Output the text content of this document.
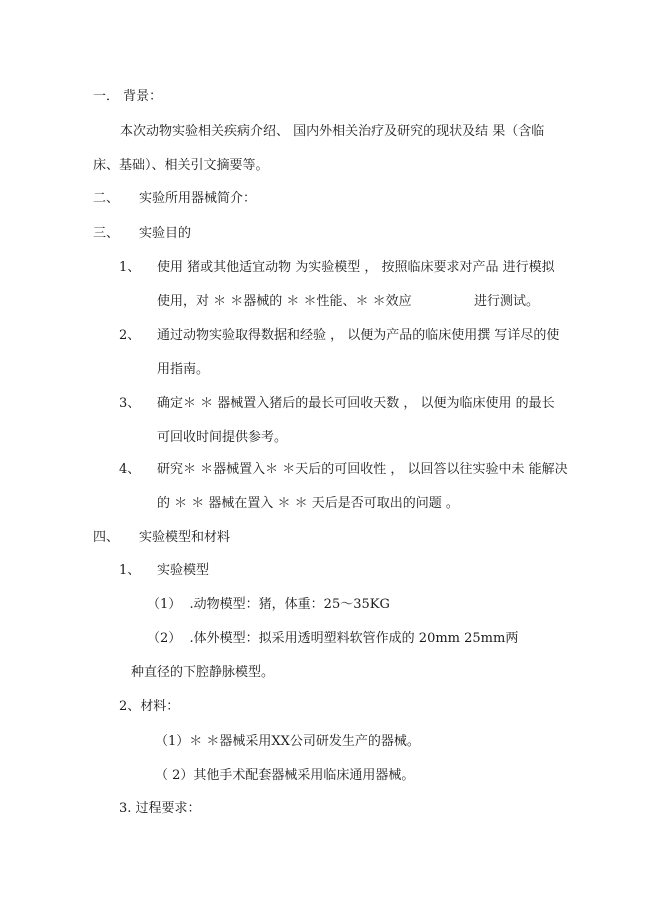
一． 背景：
本次动物实验相关疾病介绍、 国内外相关治疗及研究的现状及结 果（含临
床、基础）、相关引文摘要等。
二、 实验所用器械简介：
三、 实验目的
1、 使用 猪或其他适宜动物 为实验模型 ， 按照临床要求对产品 进行模拟
使用，对 ＊ ＊器械的 ＊ ＊性能、＊ ＊效应	进行测试。
2、 通过动物实验取得数据和经验 ， 以便为产品的临床使用撰 写详尽的使
用指南。
3、 确定＊ ＊ 器械置入猪后的最长可回收天数 ， 以便为临床使用 的最长
可回收时间提供参考。
4、 研究＊ ＊器械置入＊ ＊天后的可回收性 ， 以回答以往实验中未 能解决
的 ＊ ＊ 器械在置入 ＊ ＊ 天后是否可取出的问题 。
四、 实验模型和材料
1、 实验模型
（1）  .动物模型：猪，体重：25～35KG
（2）  .体外模型：拟采用透明塑料软管作成的 20mm 25mm两
种直径的下腔静脉模型。
2、材料：
（1）＊ ＊器械采用XX公司研发生产的器械。
（ 2）其他手术配套器械采用临床通用器械。
3. 过程要求：
